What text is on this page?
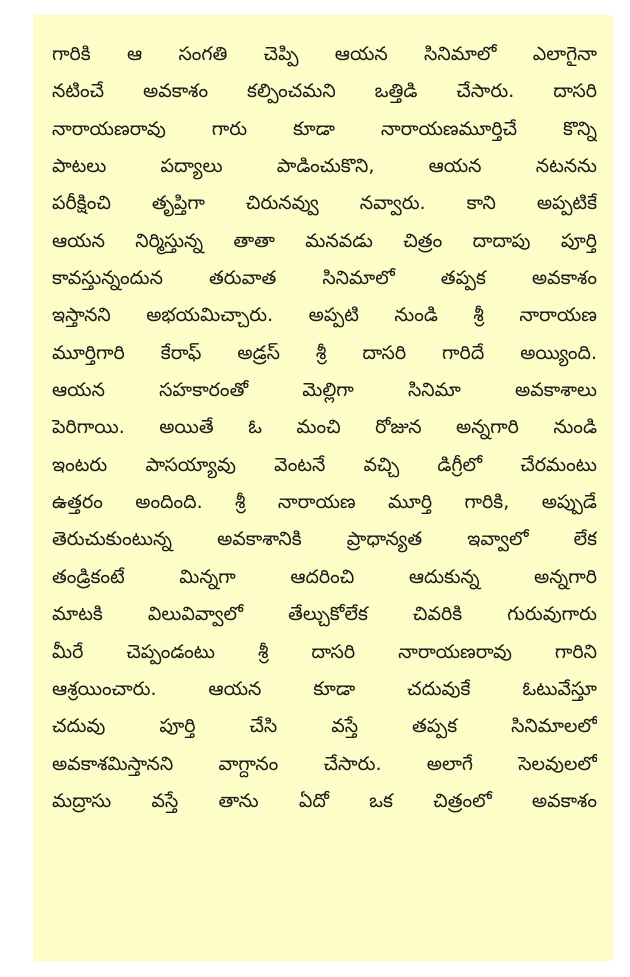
గారికి ఆ సంగతి చెప్పి ఆయన సినిమాలో ఎలాగైనా
నటించే అవకాశం కల్పించమని ఒత్తిడి చేసారు. దాసరి
నారాయణరావు గారు కూడా నారాయణమూర్తిచే కొన్ని
పాటలు పద్యాలు పాడించుకొని, ఆయన నటనను
పరీక్షించి తృప్తిగా చిరునవ్వు నవ్వారు. కాని అప్పటికే
ఆయన నిర్మిస్తున్న తాతా మనవడు చిత్రం దాదాపు పూర్తి
కావస్తున్నందున తరువాత సినిమాలో తప్పక అవకాశం
ఇస్తానని అభయమిచ్చారు. అప్పటి నుండి శ్రీ నారాయణ
మూర్తిగారి కేరాఫ్ అడ్రస్ శ్రీ దాసరి గారిదే అయ్యింది.
ఆయన సహకారంతో మెల్లిగా సినిమా అవకాశాలు
పెరిగాయి. అయితే ఓ మంచి రోజున అన్నగారి నుండి
ఇంటరు పాసయ్యావు వెంటనే వచ్చి డిగ్రీలో చేరమంటు
ఉత్తరం అందింది. శ్రీ నారాయణ మూర్తి గారికి, అప్పుడే
తెరుచుకుంటున్న అవకాశానికి ప్రాధాన్యత ఇవ్వాలో లేక
తండ్రికంటే మిన్నగా ఆదరించి ఆదుకున్న అన్నగారి
మాటకి విలువివ్వాలో తేల్చుకోలేక చివరికి గురువుగారు
మీరే చెప్పండంటు శ్రీ దాసరి నారాయణరావు గారిని
ఆశ్రయించారు. ఆయన కూడా చదువుకే ఓటువేస్తూ
చదువు పూర్తి చేసి వస్తే తప్పక సినిమాలలో
అవకాశమిస్తానని వాగ్దానం చేసారు. అలాగే సెలవులలో
మద్రాసు వస్తే తాను ఏదో ఒక చిత్రంలో అవకాశం
